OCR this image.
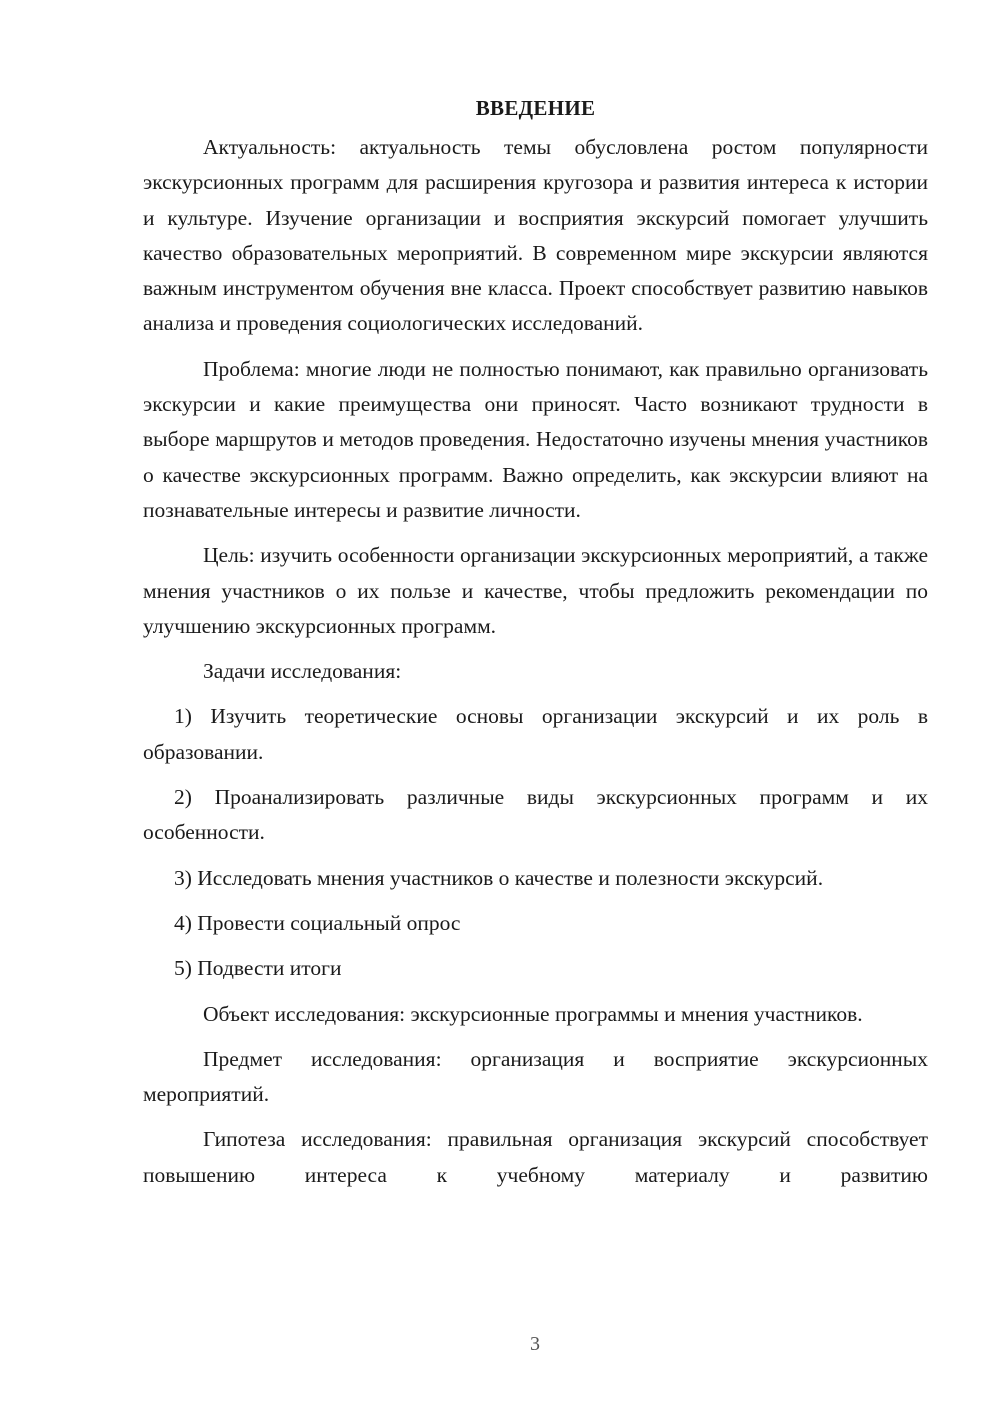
ВВЕДЕНИЕ

Актуальность: актуальность темы обусловлена ростом популярности экскурсионных программ для расширения кругозора и развития интереса к истории и культуре. Изучение организации и восприятия экскурсий помогает улучшить качество образовательных мероприятий. В современном мире экскурсии являются важным инструментом обучения вне класса. Проект способствует развитию навыков анализа и проведения социологических исследований.

Проблема: многие люди не полностью понимают, как правильно организовать экскурсии и какие преимущества они приносят. Часто возникают трудности в выборе маршрутов и методов проведения. Недостаточно изучены мнения участников о качестве экскурсионных программ. Важно определить, как экскурсии влияют на познавательные интересы и развитие личности.

Цель: изучить особенности организации экскурсионных мероприятий, а также мнения участников о их пользе и качестве, чтобы предложить рекомендации по улучшению экскурсионных программ.

Задачи исследования:

1) Изучить теоретические основы организации экскурсий и их роль в образовании.

2) Проанализировать различные виды экскурсионных программ и их особенности.

3) Исследовать мнения участников о качестве и полезности экскурсий.

4) Провести социальный опрос

5) Подвести итоги

Объект исследования: экскурсионные программы и мнения участников.

Предмет исследования: организация и восприятие экскурсионных мероприятий.

Гипотеза исследования: правильная организация экскурсий способствует повышению интереса к учебному материалу и развитию

3
